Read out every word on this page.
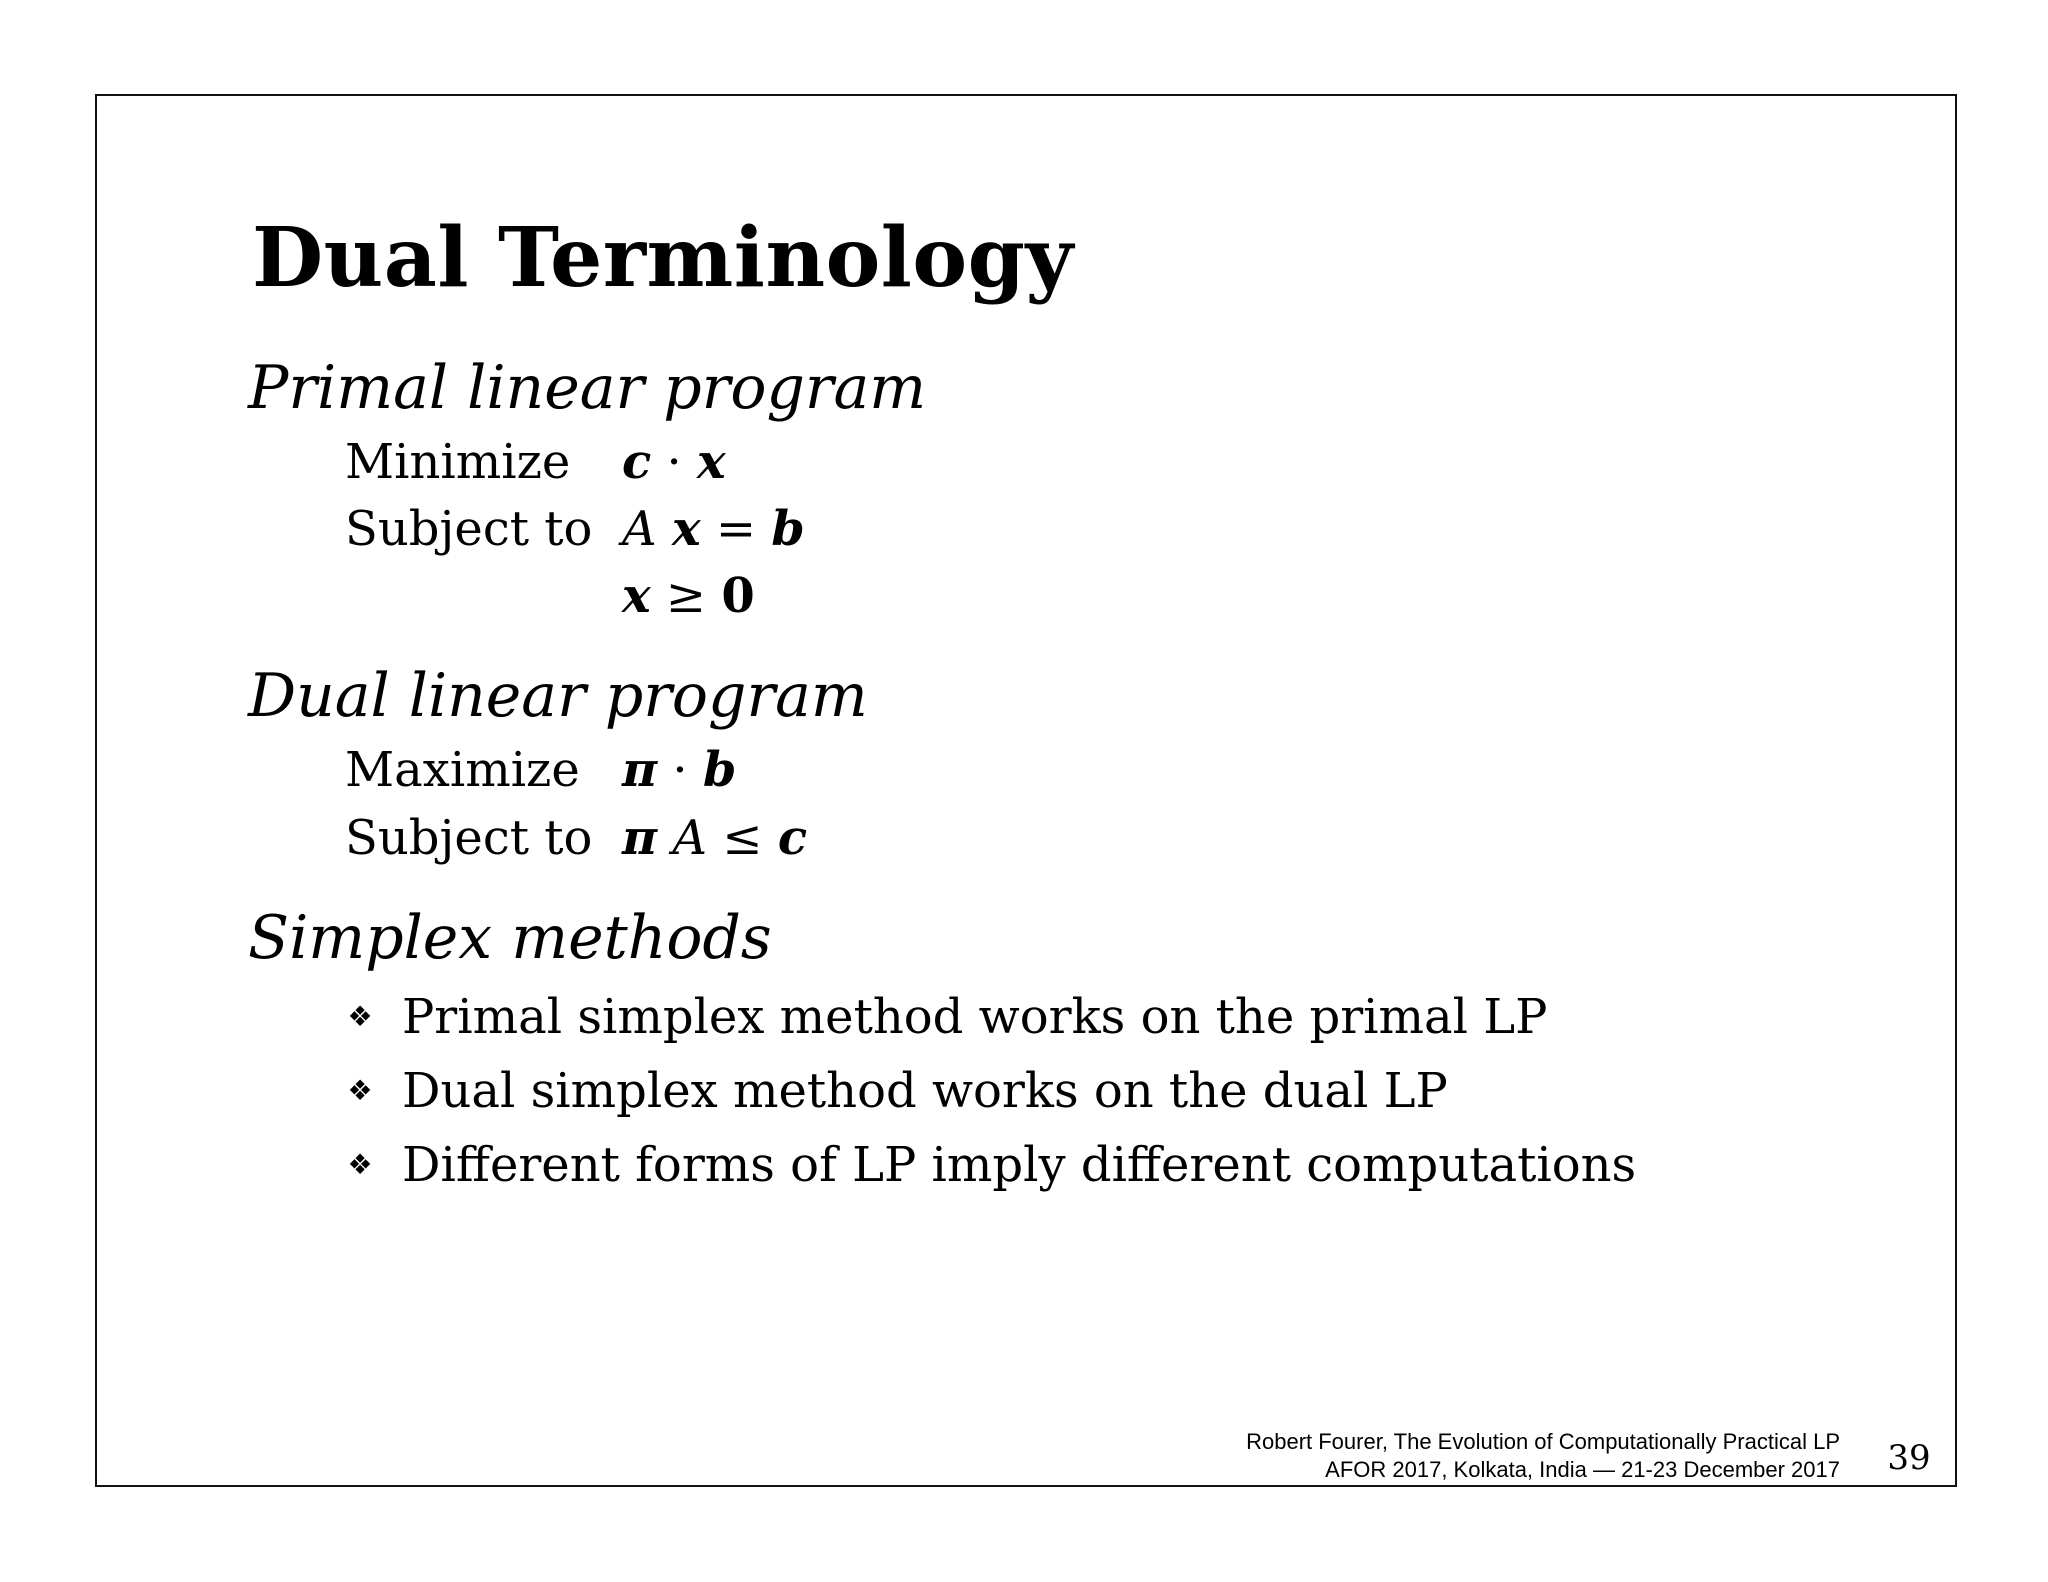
Dual Terminology
Primal linear program
Minimize c · x
Subject to A x = b
x ≥ 0
Dual linear program
Maximize π · b
Subject to π A ≤ c
Simplex methods
❖ Primal simplex method works on the primal LP
❖ Dual simplex method works on the dual LP
❖ Different forms of LP imply different computations
Robert Fourer, The Evolution of Computationally Practical LP
AFOR 2017, Kolkata, India — 21-23 December 2017 39
